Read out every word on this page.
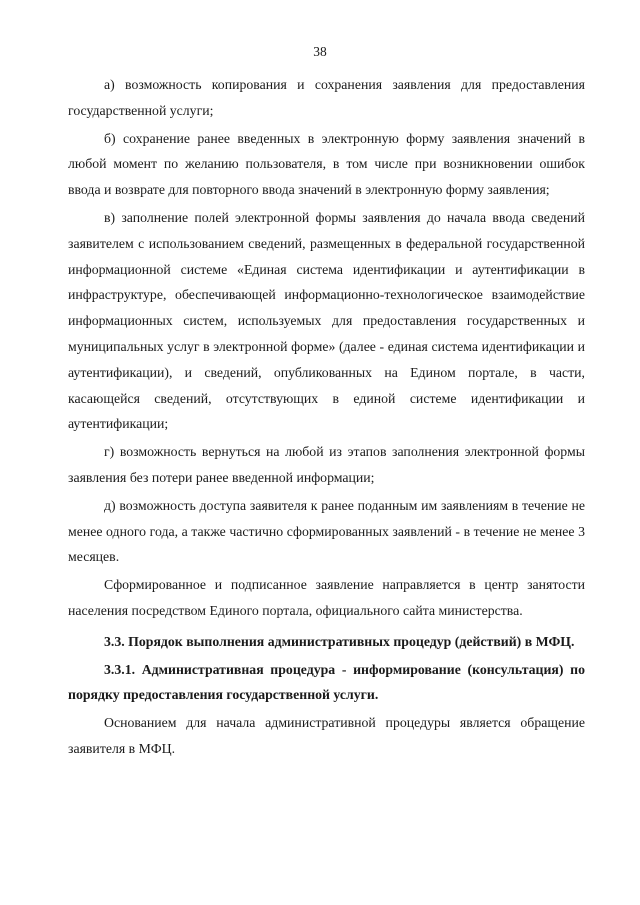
38

а) возможность копирования и сохранения заявления для предоставления государственной услуги;

б) сохранение ранее введенных в электронную форму заявления значений в любой момент по желанию пользователя, в том числе при возникновении ошибок ввода и возврате для повторного ввода значений в электронную форму заявления;

в) заполнение полей электронной формы заявления до начала ввода сведений заявителем с использованием сведений, размещенных в федеральной государственной информационной системе «Единая система идентификации и аутентификации в инфраструктуре, обеспечивающей информационно-технологическое взаимодействие информационных систем, используемых для предоставления государственных и муниципальных услуг в электронной форме» (далее - единая система идентификации и аутентификации), и сведений, опубликованных на Едином портале, в части, касающейся сведений, отсутствующих в единой системе идентификации и аутентификации;

г) возможность вернуться на любой из этапов заполнения электронной формы заявления без потери ранее введенной информации;

д) возможность доступа заявителя к ранее поданным им заявлениям в течение не менее одного года, а также частично сформированных заявлений - в течение не менее 3 месяцев.

Сформированное и подписанное заявление направляется в центр занятости населения посредством Единого портала, официального сайта министерства.

3.3. Порядок выполнения административных процедур (действий) в МФЦ.

3.3.1. Административная процедура - информирование (консультация) по порядку предоставления государственной услуги.

Основанием для начала административной процедуры является обращение заявителя в МФЦ.
